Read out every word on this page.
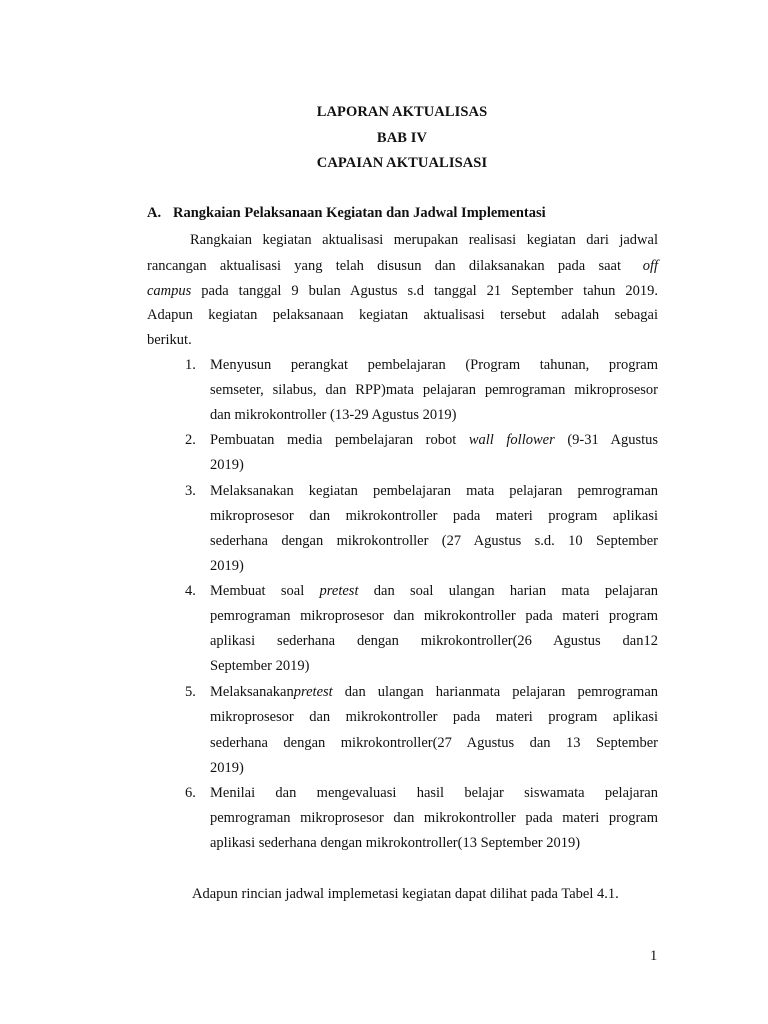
LAPORAN AKTUALISAS
BAB IV
CAPAIAN AKTUALISASI
A. Rangkaian Pelaksanaan Kegiatan dan Jadwal Implementasi
Rangkaian kegiatan aktualisasi merupakan realisasi kegiatan dari jadwal
rancangan aktualisasi yang telah disusun dan dilaksanakan pada saat off
campus pada tanggal 9 bulan Agustus s.d tanggal 21 September tahun 2019.
Adapun kegiatan pelaksanaan kegiatan aktualisasi tersebut adalah sebagai
berikut.
1. Menyusun perangkat pembelajaran (Program tahunan, program
semseter, silabus, dan RPP)mata pelajaran pemrograman mikroprosesor
dan mikrokontroller (13-29 Agustus 2019)
2. Pembuatan media pembelajaran robot wall follower (9-31 Agustus
2019)
3. Melaksanakan kegiatan pembelajaran mata pelajaran pemrograman
mikroprosesor dan mikrokontroller pada materi program aplikasi
sederhana dengan mikrokontroller (27 Agustus s.d. 10 September
2019)
4. Membuat soal pretest dan soal ulangan harian mata pelajaran
pemrograman mikroprosesor dan mikrokontroller pada materi program
aplikasi sederhana dengan mikrokontroller(26 Agustus dan12
September 2019)
5. Melaksanakanpretest dan ulangan harianmata pelajaran pemrograman
mikroprosesor dan mikrokontroller pada materi program aplikasi
sederhana dengan mikrokontroller(27 Agustus dan 13 September
2019)
6. Menilai dan mengevaluasi hasil belajar siswamata pelajaran
pemrograman mikroprosesor dan mikrokontroller pada materi program
aplikasi sederhana dengan mikrokontroller(13 September 2019)
Adapun rincian jadwal implemetasi kegiatan dapat dilihat pada Tabel 4.1.
1
